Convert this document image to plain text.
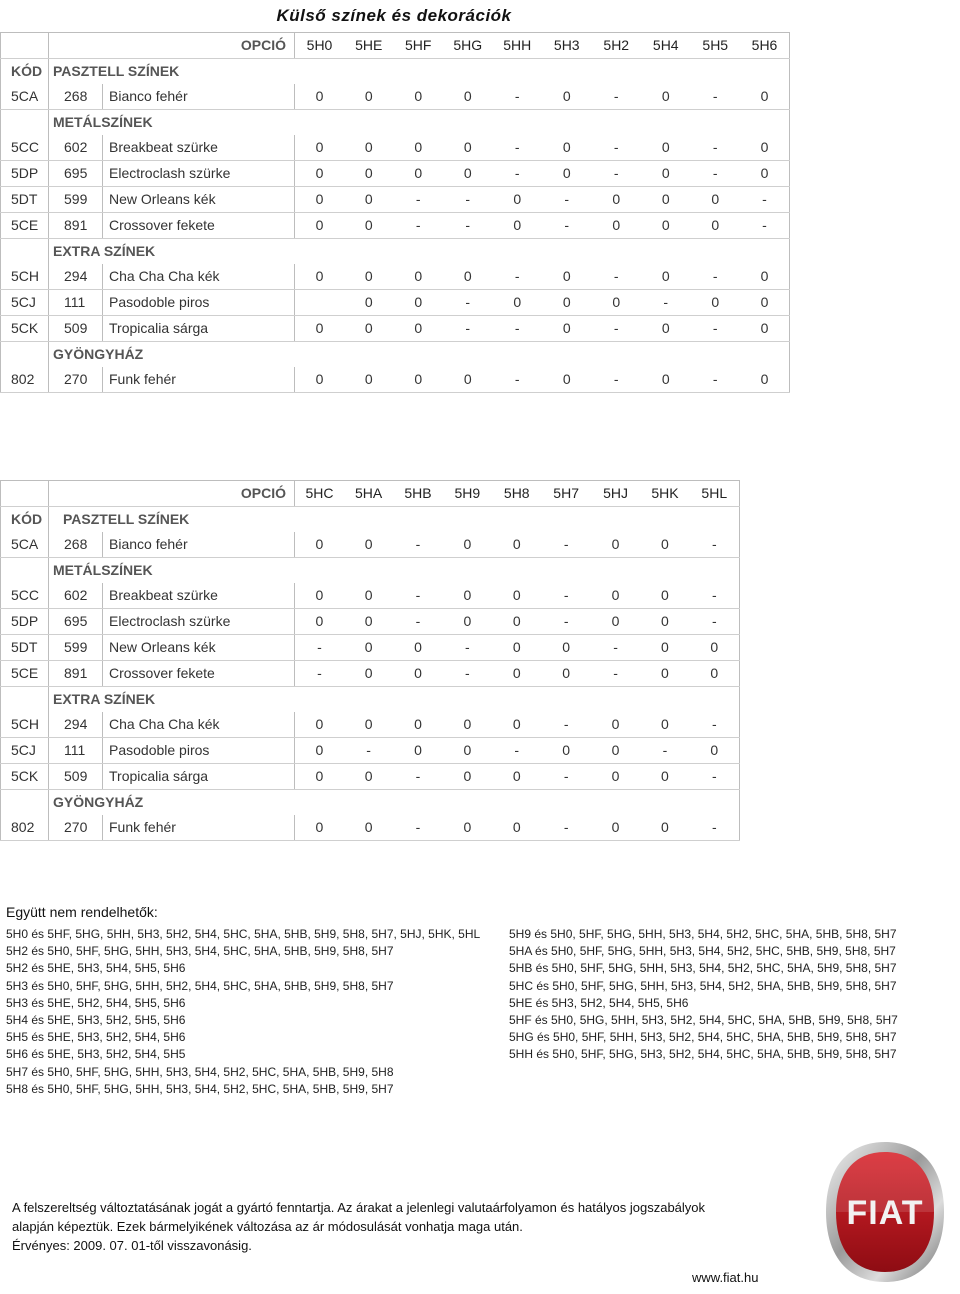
Külső színek és dekorációk
	OPCIÓ		5H0	5HE	5HF	5HG	5HH	5H3	5H2	5H4	5H5	5H6
KÓD	PASZTELL SZÍNEK											
5CA	268	Bianco fehér	0	0	0	0	-	0	-	0	-	0
	METÁLSZÍNEK											
5CC	602	Breakbeat szürke	0	0	0	0	-	0	-	0	-	0
5DP	695	Electroclash szürke	0	0	0	0	-	0	-	0	-	0
5DT	599	New Orleans kék	0	0	-	-	0	-	0	0	0	-
5CE	891	Crossover fekete	0	0	-	-	0	-	0	0	0	-
	EXTRA SZÍNEK											
5CH	294	Cha Cha Cha kék	0	0	0	0	-	0	-	0	-	0
5CJ	111	Pasodoble piros		0	0	-	0	0	0	-	0	0
5CK	509	Tropicalia sárga	0	0	0	-	-	0	-	0	-	0
	GYÖNGYHÁZ											
802	270	Funk fehér	0	0	0	0	-	0	-	0	-	0
	OPCIÓ		5HC	5HA	5HB	5H9	5H8	5H7	5HJ	5HK	5HL
KÓD	PASZTELL SZÍNEK										
5CA	268	Bianco fehér	0	0	-	0	0	-	0	0	-
	METÁLSZÍNEK										
5CC	602	Breakbeat szürke	0	0	-	0	0	-	0	0	-
5DP	695	Electroclash szürke	0	0	-	0	0	-	0	0	-
5DT	599	New Orleans kék	-	0	0	-	0	0	-	0	0
5CE	891	Crossover fekete	-	0	0	-	0	0	-	0	0
	EXTRA SZÍNEK										
5CH	294	Cha Cha Cha kék	0	0	0	0	0	-	0	0	-
5CJ	111	Pasodoble piros	0	-	0	0	-	0	0	-	0
5CK	509	Tropicalia sárga	0	0	-	0	0	-	0	0	-
	GYÖNGYHÁZ										
802	270	Funk fehér	0	0	-	0	0	-	0	0	-
Együtt nem rendelhetők:
5H0 és 5HF, 5HG, 5HH, 5H3, 5H2, 5H4, 5HC, 5HA, 5HB, 5H9, 5H8, 5H7, 5HJ, 5HK, 5HL
5H2 és 5H0, 5HF, 5HG, 5HH, 5H3, 5H4, 5HC, 5HA, 5HB, 5H9, 5H8, 5H7
5H2 és 5HE, 5H3, 5H4, 5H5, 5H6
5H3 és 5H0, 5HF, 5HG, 5HH, 5H2, 5H4, 5HC, 5HA, 5HB, 5H9, 5H8, 5H7
5H3 és 5HE, 5H2, 5H4, 5H5, 5H6
5H4 és 5HE, 5H3, 5H2, 5H5, 5H6
5H5 és 5HE, 5H3, 5H2, 5H4, 5H6
5H6 és 5HE, 5H3, 5H2, 5H4, 5H5
5H7 és 5H0, 5HF, 5HG, 5HH, 5H3, 5H4, 5H2, 5HC, 5HA, 5HB, 5H9, 5H8
5H8 és 5H0, 5HF, 5HG, 5HH, 5H3, 5H4, 5H2, 5HC, 5HA, 5HB, 5H9, 5H7
5H9 és 5H0, 5HF, 5HG, 5HH, 5H3, 5H4, 5H2, 5HC, 5HA, 5HB, 5H8, 5H7
5HA és 5H0, 5HF, 5HG, 5HH, 5H3, 5H4, 5H2, 5HC, 5HB, 5H9, 5H8, 5H7
5HB és 5H0, 5HF, 5HG, 5HH, 5H3, 5H4, 5H2, 5HC, 5HA, 5H9, 5H8, 5H7
5HC és 5H0, 5HF, 5HG, 5HH, 5H3, 5H4, 5H2, 5HA, 5HB, 5H9, 5H8, 5H7
5HE és 5H3, 5H2, 5H4, 5H5, 5H6
5HF és 5H0, 5HG, 5HH, 5H3, 5H2, 5H4, 5HC, 5HA, 5HB, 5H9, 5H8, 5H7
5HG és 5H0, 5HF, 5HH, 5H3, 5H2, 5H4, 5HC, 5HA, 5HB, 5H9, 5H8, 5H7
5HH és 5H0, 5HF, 5HG, 5H3, 5H2, 5H4, 5HC, 5HA, 5HB, 5H9, 5H8, 5H7
A felszereltség változtatásának jogát a gyártó fenntartja. Az árakat a jelenlegi valutaárfolyamon és hatályos jogszabályok
alapján képeztük. Ezek bármelyikének változása az ár módosulását vonhatja maga után.
Érvényes: 2009. 07. 01-től visszavonásig.
www.fiat.hu
FIAT
